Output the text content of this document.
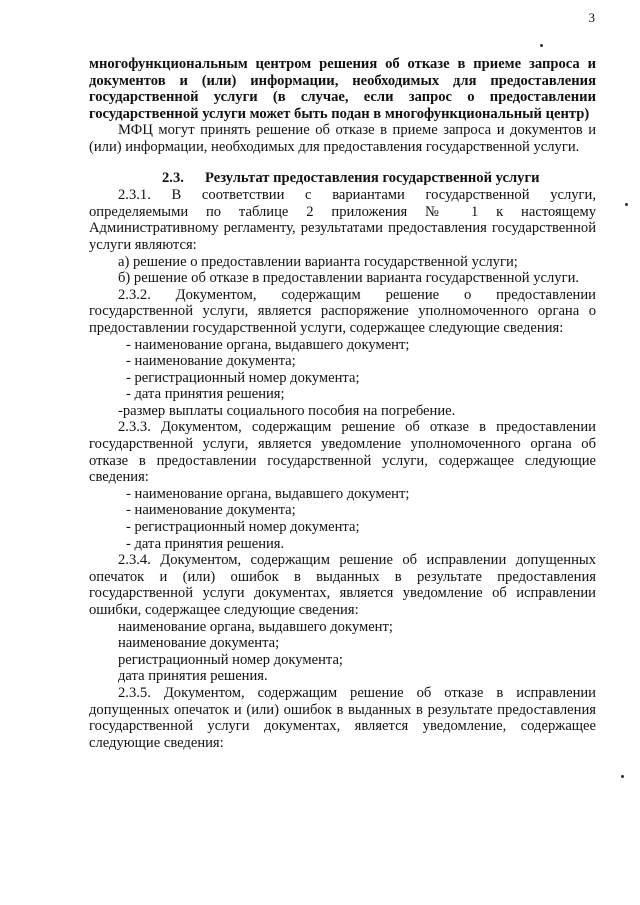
3

многофункциональным центром решения об отказе в приеме запроса и документов и (или) информации, необходимых для предоставления государственной услуги (в случае, если запрос о предоставлении государственной услуги может быть подан в многофункциональный центр)

МФЦ могут принять решение об отказе в приеме запроса и документов и (или) информации, необходимых для предоставления государственной услуги.

2.3. Результат предоставления государственной услуги

2.3.1. В соответствии с вариантами государственной услуги, определяемыми по таблице 2 приложения № 1 к настоящему Административному регламенту, результатами предоставления государственной услуги являются:

а) решение о предоставлении варианта государственной услуги;

б) решение об отказе в предоставлении варианта государственной услуги.

2.3.2. Документом, содержащим решение о предоставлении государственной услуги, является распоряжение уполномоченного органа о предоставлении государственной услуги, содержащее следующие сведения:

- наименование органа, выдавшего документ;

- наименование документа;

- регистрационный номер документа;

- дата принятия решения;

-размер выплаты социального пособия на погребение.

2.3.3. Документом, содержащим решение об отказе в предоставлении государственной услуги, является уведомление уполномоченного органа об отказе в предоставлении государственной услуги, содержащее следующие сведения:

- наименование органа, выдавшего документ;

- наименование документа;

- регистрационный номер документа;

- дата принятия решения.

2.3.4. Документом, содержащим решение об исправлении допущенных опечаток и (или) ошибок в выданных в результате предоставления государственной услуги документах, является уведомление об исправлении ошибки, содержащее следующие сведения:

наименование органа, выдавшего документ;

наименование документа;

регистрационный номер документа;

дата принятия решения.

2.3.5. Документом, содержащим решение об отказе в исправлении допущенных опечаток и (или) ошибок в выданных в результате предоставления государственной услуги документах, является уведомление, содержащее следующие сведения:
